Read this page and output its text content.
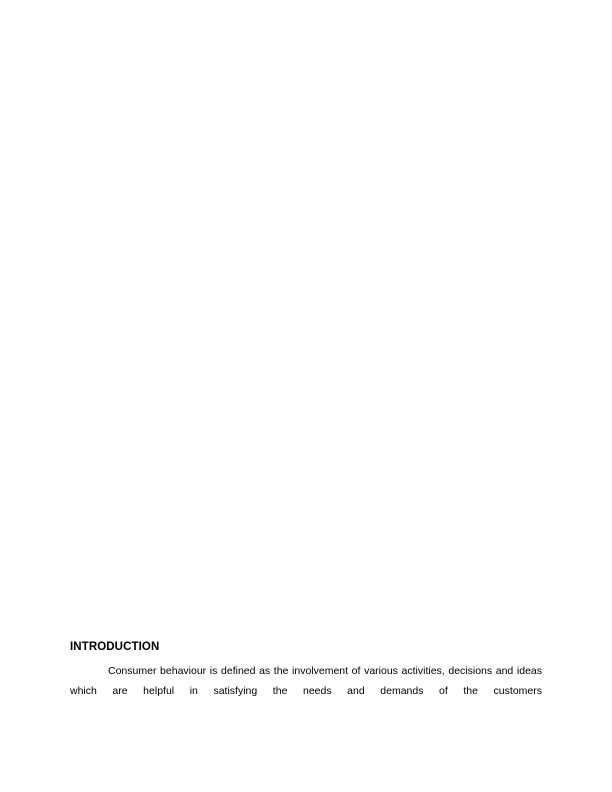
INTRODUCTION

Consumer behaviour is defined as the involvement of various activities, decisions and ideas which are helpful in satisfying the needs and demands of the customers
